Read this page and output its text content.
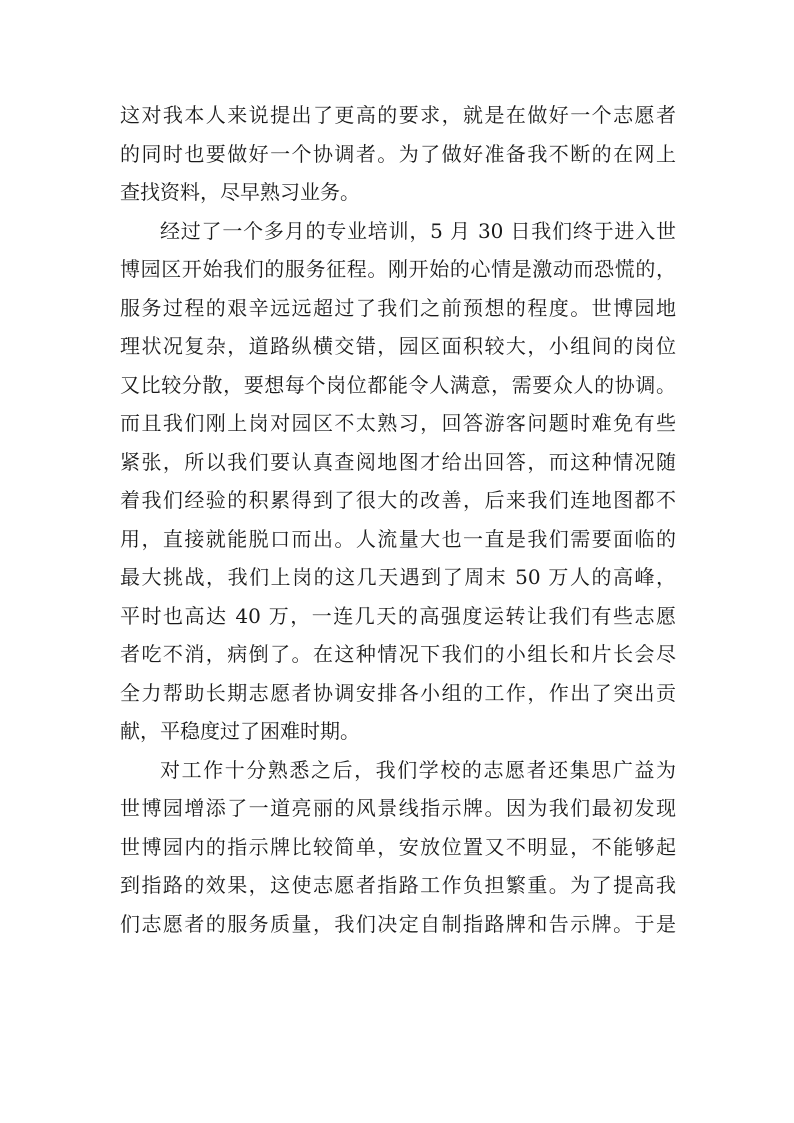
这对我本人来说提出了更高的要求，就是在做好一个志愿者
的同时也要做好一个协调者。为了做好准备我不断的在网上
查找资料，尽早熟习业务。
经过了一个多月的专业培训，5 月 30 日我们终于进入世
博园区开始我们的服务征程。刚开始的心情是激动而恐慌的，
服务过程的艰辛远远超过了我们之前预想的程度。世博园地
理状况复杂，道路纵横交错，园区面积较大，小组间的岗位
又比较分散，要想每个岗位都能令人满意，需要众人的协调。
而且我们刚上岗对园区不太熟习，回答游客问题时难免有些
紧张，所以我们要认真查阅地图才给出回答，而这种情况随
着我们经验的积累得到了很大的改善，后来我们连地图都不
用，直接就能脱口而出。人流量大也一直是我们需要面临的
最大挑战，我们上岗的这几天遇到了周末 50 万人的高峰，
平时也高达 40 万，一连几天的高强度运转让我们有些志愿
者吃不消，病倒了。在这种情况下我们的小组长和片长会尽
全力帮助长期志愿者协调安排各小组的工作，作出了突出贡
献，平稳度过了困难时期。
对工作十分熟悉之后，我们学校的志愿者还集思广益为
世博园增添了一道亮丽的风景线指示牌。因为我们最初发现
世博园内的指示牌比较简单，安放位置又不明显，不能够起
到指路的效果，这使志愿者指路工作负担繁重。为了提高我
们志愿者的服务质量，我们决定自制指路牌和告示牌。于是
